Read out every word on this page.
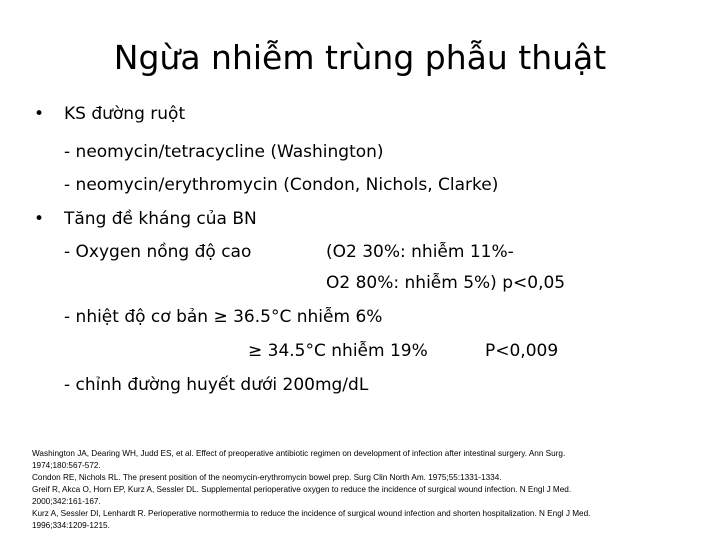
Ngừa nhiễm trùng phẫu thuật
• KS đường ruột
- neomycin/tetracycline (Washington)
- neomycin/erythromycin (Condon, Nichols, Clarke)
• Tăng đề kháng của BN
- Oxygen nồng độ cao	(O2 30%: nhiễm 11%-
O2 80%: nhiễm 5%) p<0,05
- nhiệt độ cơ bản ≥ 36.5°C nhiễm 6%
≥ 34.5°C nhiễm 19%	P<0,009
- chỉnh đường huyết dưới 200mg/dL
Washington JA, Dearing WH, Judd ES, et al. Effect of preoperative antibiotic regimen on development of infection after intestinal surgery. Ann Surg.
1974;180:567-572.
Condon RE, Nichols RL. The present position of the neomycin-erythromycin bowel prep. Surg Clin North Am. 1975;55:1331-1334.
Greif R, Akca O, Horn EP, Kurz A, Sessler DL. Supplemental perioperative oxygen to reduce the incidence of surgical wound infection. N Engl J Med.
2000;342:161-167.
Kurz A, Sessler DI, Lenhardt R. Perioperative normothermia to reduce the incidence of surgical wound infection and shorten hospitalization. N Engl J Med.
1996;334:1209-1215.
